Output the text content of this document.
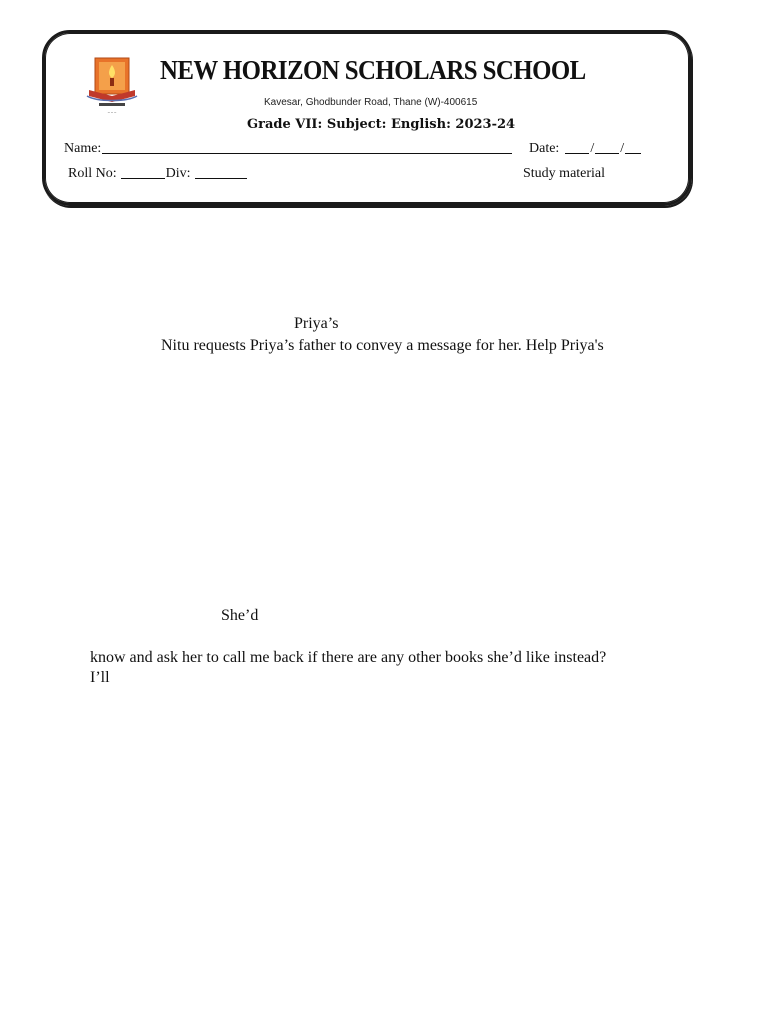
~ ~ ~
NEW HORIZON SCHOLARS SCHOOL
Kavesar, Ghodbunder Road, Thane (W)-400615
Grade VII: Subject: English: 2023-24
Name:	Date: / /
Roll No:	Div:	Study material
Priya’s
Nitu requests Priya’s father to convey a message for her. Help Priya's
She’d
know and ask her to call me back if there are any other books she’d like instead?
I’ll
